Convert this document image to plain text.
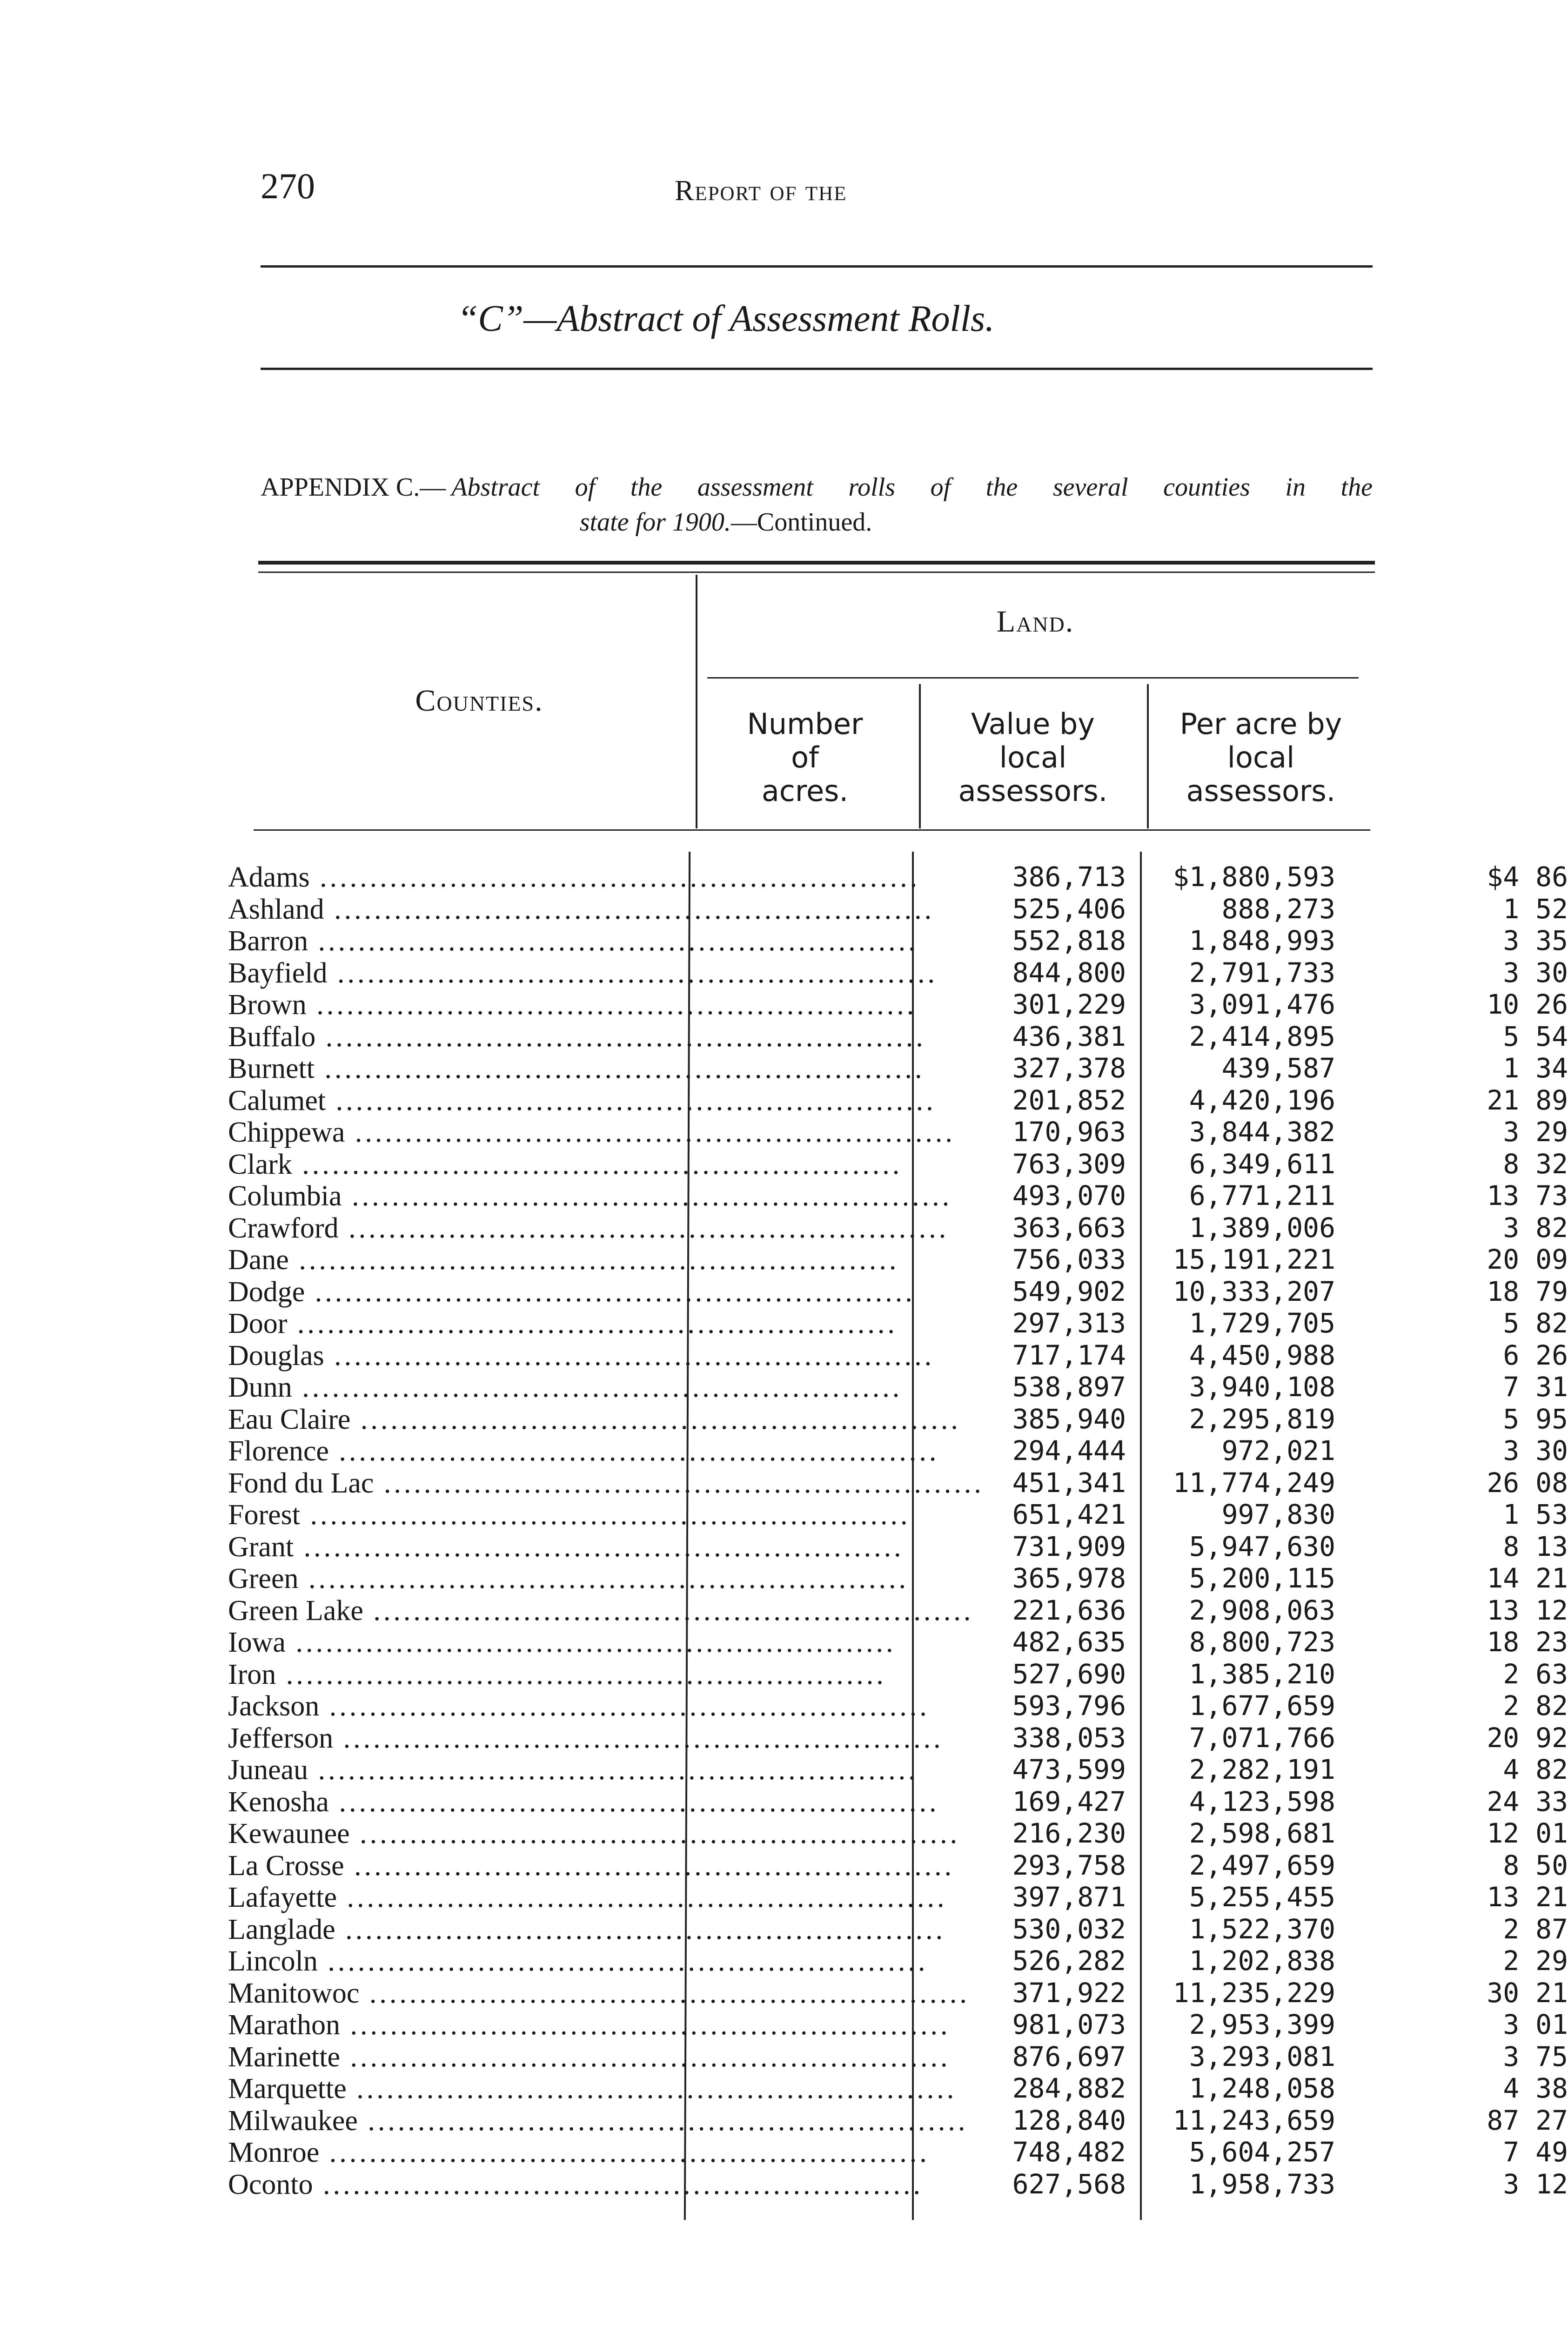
270	Report of the
“C”—Abstract of Assessment Rolls.
APPENDIX C.— Abstract of the assessment rolls of the several counties in the
state for 1900.—Continued.
Counties.
Land.
Number
of
acres.
Value by
local
assessors.
Per acre by
local
assessors.
Adams ............................................................	386,713	$1,880,593	$4 86
Ashland ............................................................	525,406	888,273	1 52
Barron ............................................................	552,818	1,848,993	3 35
Bayfield ............................................................	844,800	2,791,733	3 30
Brown ............................................................	301,229	3,091,476	10 26
Buffalo ............................................................	436,381	2,414,895	5 54
Burnett ............................................................	327,378	439,587	1 34
Calumet ............................................................	201,852	4,420,196	21 89
Chippewa ............................................................	170,963	3,844,382	3 29
Clark ............................................................	763,309	6,349,611	8 32
Columbia ............................................................	493,070	6,771,211	13 73
Crawford ............................................................	363,663	1,389,006	3 82
Dane ............................................................	756,033	15,191,221	20 09
Dodge ............................................................	549,902	10,333,207	18 79
Door ............................................................	297,313	1,729,705	5 82
Douglas ............................................................	717,174	4,450,988	6 26
Dunn ............................................................	538,897	3,940,108	7 31
Eau Claire ............................................................	385,940	2,295,819	5 95
Florence ............................................................	294,444	972,021	3 30
Fond du Lac ............................................................	451,341	11,774,249	26 08
Forest ............................................................	651,421	997,830	1 53
Grant ............................................................	731,909	5,947,630	8 13
Green ............................................................	365,978	5,200,115	14 21
Green Lake ............................................................	221,636	2,908,063	13 12
Iowa ............................................................	482,635	8,800,723	18 23
Iron ............................................................	527,690	1,385,210	2 63
Jackson ............................................................	593,796	1,677,659	2 82
Jefferson ............................................................	338,053	7,071,766	20 92
Juneau ............................................................	473,599	2,282,191	4 82
Kenosha ............................................................	169,427	4,123,598	24 33
Kewaunee ............................................................	216,230	2,598,681	12 01
La Crosse ............................................................	293,758	2,497,659	8 50
Lafayette ............................................................	397,871	5,255,455	13 21
Langlade ............................................................	530,032	1,522,370	2 87
Lincoln ............................................................	526,282	1,202,838	2 29
Manitowoc ............................................................	371,922	11,235,229	30 21
Marathon ............................................................	981,073	2,953,399	3 01
Marinette ............................................................	876,697	3,293,081	3 75
Marquette ............................................................	284,882	1,248,058	4 38
Milwaukee ............................................................	128,840	11,243,659	87 27
Monroe ............................................................	748,482	5,604,257	7 49
Oconto ............................................................	627,568	1,958,733	3 12
